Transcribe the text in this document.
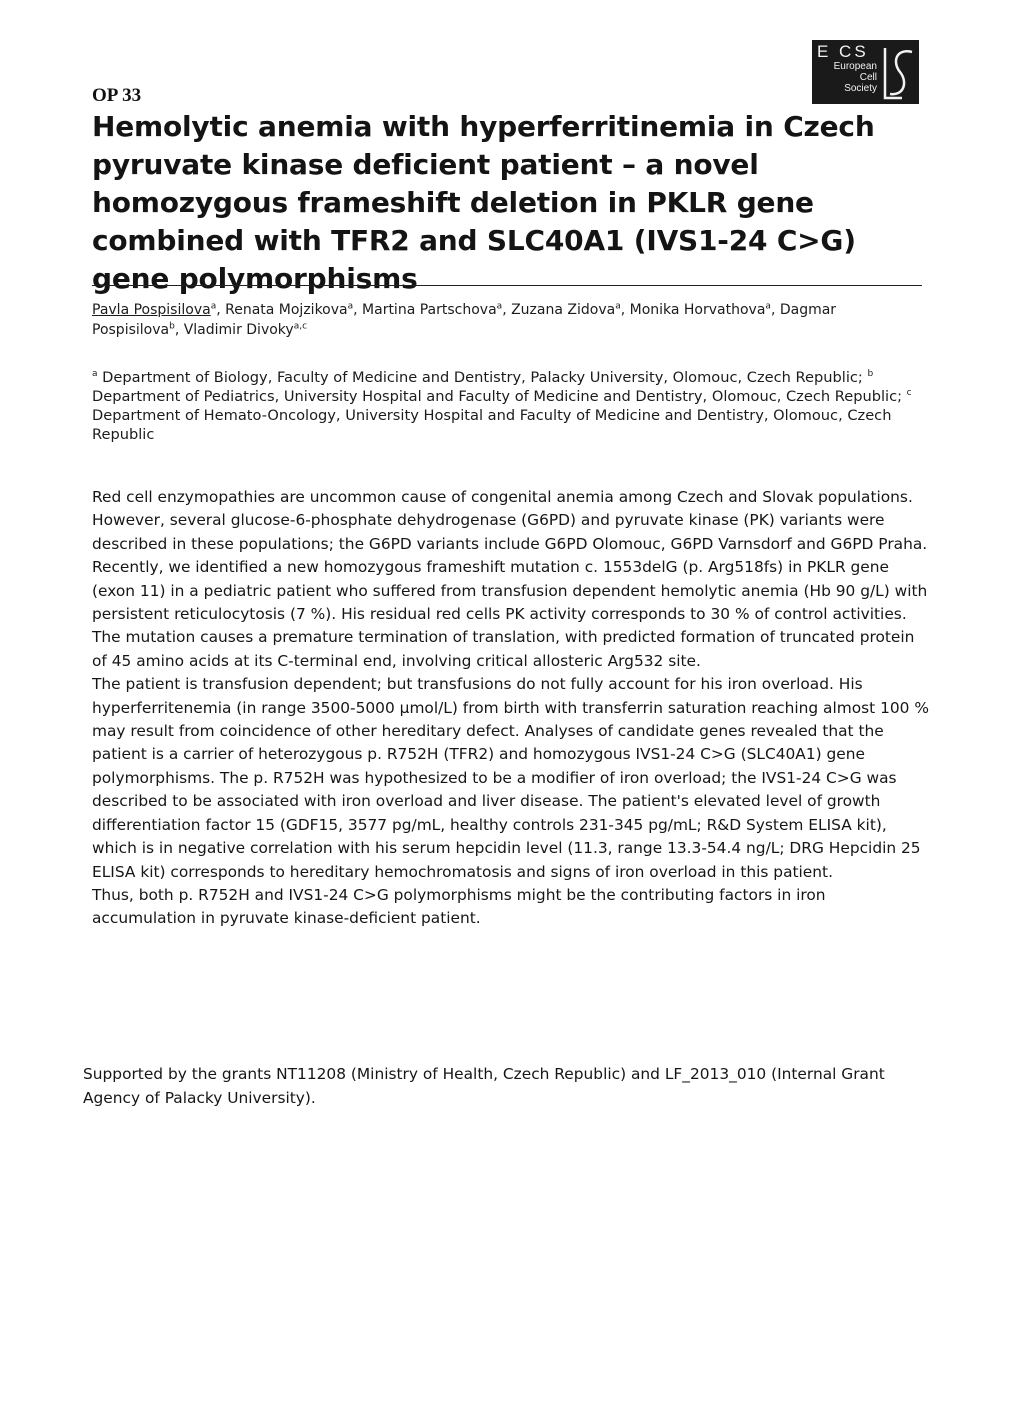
OP 33
E CS
European
Cell
Society
Hemolytic anemia with hyperferritinemia in Czech pyruvate kinase deficient patient – a novel homozygous frameshift deletion in PKLR gene combined with TFR2 and SLC40A1 (IVS1-24 C>G) gene polymorphisms
Pavla Pospisilova$^a$, Renata Mojzikova$^a$, Martina Partschova$^a$, Zuzana Zidova$^a$, Monika Horvathova$^a$, Dagmar Pospisilova$^b$, Vladimir Divoky$^{a,c}$
$^a$ Department of Biology, Faculty of Medicine and Dentistry, Palacky University, Olomouc, Czech Republic; $^b$ Department of Pediatrics, University Hospital and Faculty of Medicine and Dentistry, Olomouc, Czech Republic; $^c$ Department of Hemato-Oncology, University Hospital and Faculty of Medicine and Dentistry, Olomouc, Czech Republic

Red cell enzymopathies are uncommon cause of congenital anemia among Czech and Slovak populations. However, several glucose-6-phosphate dehydrogenase (G6PD) and pyruvate kinase (PK) variants were described in these populations; the G6PD variants include G6PD Olomouc, G6PD Varnsdorf and G6PD Praha.

Recently, we identified a new homozygous frameshift mutation c. 1553delG (p. Arg518fs) in PKLR gene (exon 11) in a pediatric patient who suffered from transfusion dependent hemolytic anemia (Hb 90 g/L) with persistent reticulocytosis (7 %). His residual red cells PK activity corresponds to 30 % of control activities. The mutation causes a premature termination of translation, with predicted formation of truncated protein of 45 amino acids at its C-terminal end, involving critical allosteric Arg532 site.

The patient is transfusion dependent; but transfusions do not fully account for his iron overload. His hyperferritenemia (in range 3500-5000 µmol/L) from birth with transferrin saturation reaching almost 100 % may result from coincidence of other hereditary defect. Analyses of candidate genes revealed that the patient is a carrier of heterozygous p. R752H (TFR2) and homozygous IVS1-24 C>G (SLC40A1) gene polymorphisms. The p. R752H was hypothesized to be a modifier of iron overload; the IVS1-24 C>G was described to be associated with iron overload and liver disease. The patient's elevated level of growth differentiation factor 15 (GDF15, 3577 pg/mL, healthy controls 231-345 pg/mL; R&D System ELISA kit), which is in negative correlation with his serum hepcidin level (11.3, range 13.3-54.4 ng/L; DRG Hepcidin 25 ELISA kit) corresponds to hereditary hemochromatosis and signs of iron overload in this patient.

Thus, both p. R752H and IVS1-24 C>G polymorphisms might be the contributing factors in iron accumulation in pyruvate kinase-deficient patient.

Supported by the grants NT11208 (Ministry of Health, Czech Republic) and LF_2013_010 (Internal Grant Agency of Palacky University).
